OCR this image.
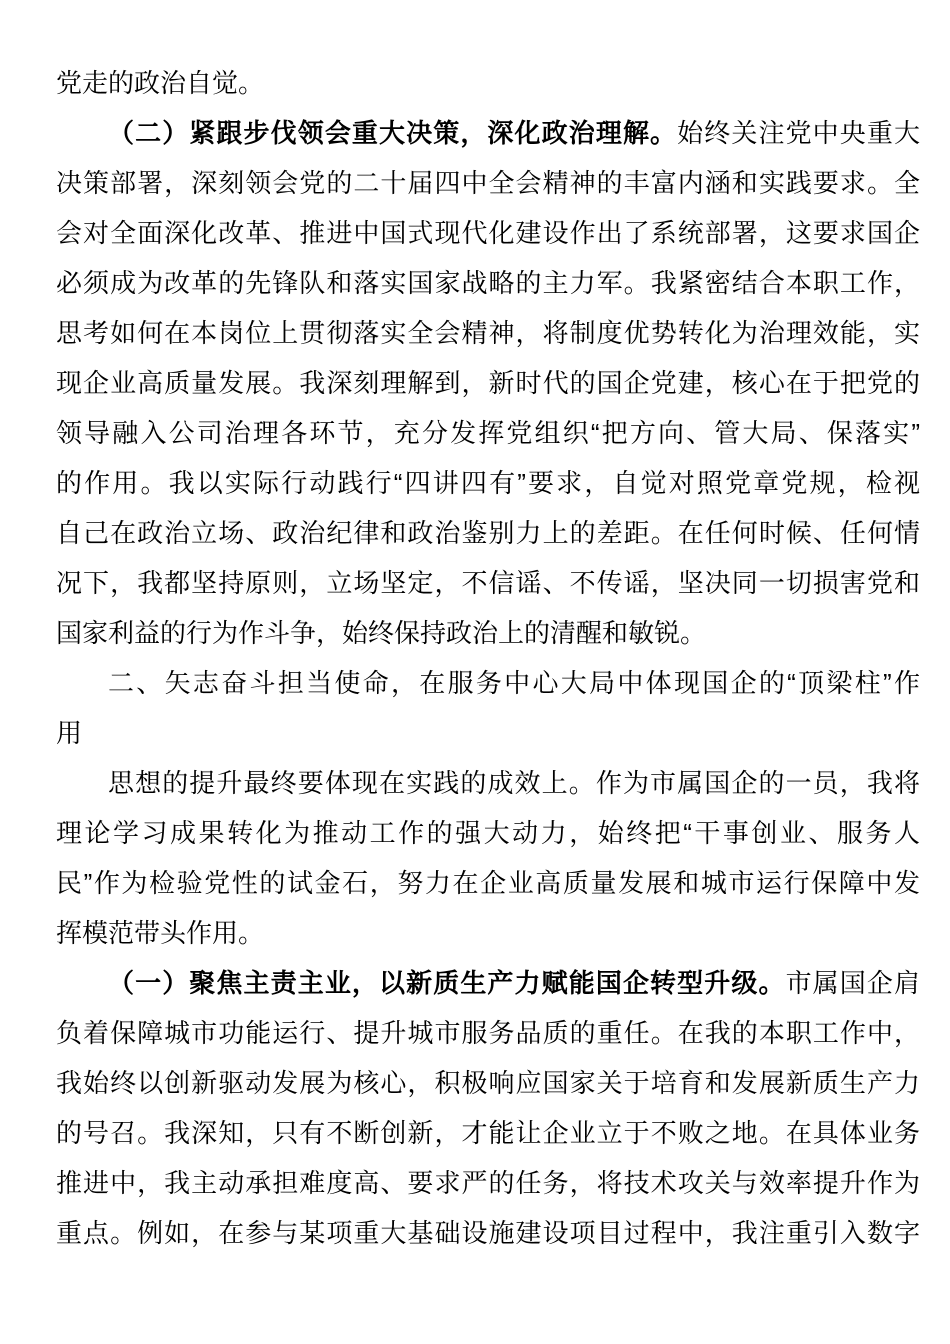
党走的政治自觉。
（二）紧跟步伐领会重大决策，深化政治理解。始终关注党中央重大
决策部署，深刻领会党的二十届四中全会精神的丰富内涵和实践要求。全
会对全面深化改革、推进中国式现代化建设作出了系统部署，这要求国企
必须成为改革的先锋队和落实国家战略的主力军。我紧密结合本职工作，
思考如何在本岗位上贯彻落实全会精神，将制度优势转化为治理效能，实
现企业高质量发展。我深刻理解到，新时代的国企党建，核心在于把党的
领导融入公司治理各环节，充分发挥党组织“把方向、管大局、保落实”
的作用。我以实际行动践行“四讲四有”要求，自觉对照党章党规，检视
自己在政治立场、政治纪律和政治鉴别力上的差距。在任何时候、任何情
况下，我都坚持原则，立场坚定，不信谣、不传谣，坚决同一切损害党和
国家利益的行为作斗争，始终保持政治上的清醒和敏锐。
二、矢志奋斗担当使命，在服务中心大局中体现国企的“顶梁柱”作
用
思想的提升最终要体现在实践的成效上。作为市属国企的一员，我将
理论学习成果转化为推动工作的强大动力，始终把“干事创业、服务人
民”作为检验党性的试金石，努力在企业高质量发展和城市运行保障中发
挥模范带头作用。
（一）聚焦主责主业，以新质生产力赋能国企转型升级。市属国企肩
负着保障城市功能运行、提升城市服务品质的重任。在我的本职工作中，
我始终以创新驱动发展为核心，积极响应国家关于培育和发展新质生产力
的号召。我深知，只有不断创新，才能让企业立于不败之地。在具体业务
推进中，我主动承担难度高、要求严的任务，将技术攻关与效率提升作为
重点。例如，在参与某项重大基础设施建设项目过程中，我注重引入数字
